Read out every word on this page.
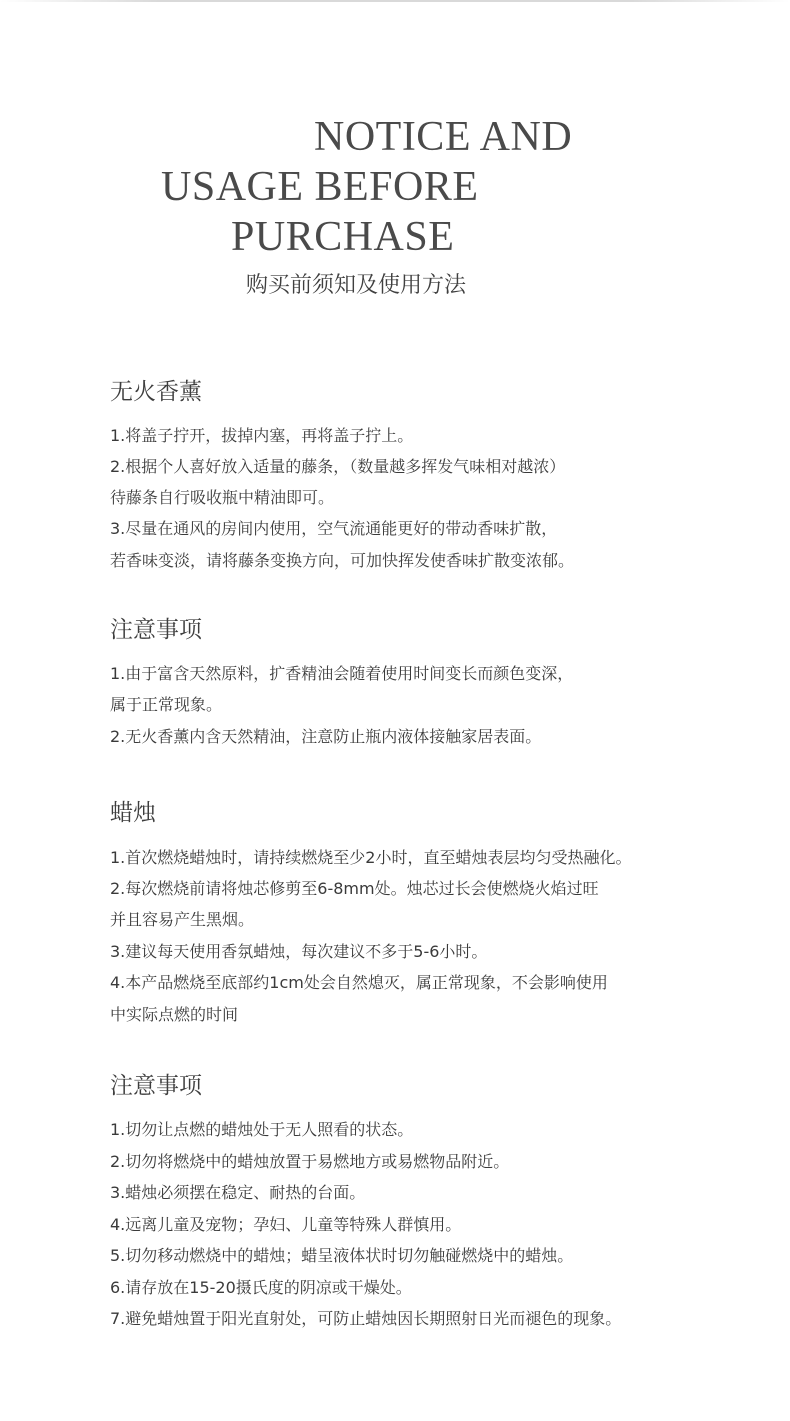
NOTICE AND
USAGE BEFORE
PURCHASE
购买前须知及使用方法
无火香薰
1.将盖子拧开，拔掉内塞，再将盖子拧上。
2.根据个人喜好放入适量的藤条，（数量越多挥发气味相对越浓）
待藤条自行吸收瓶中精油即可。
3.尽量在通风的房间内使用，空气流通能更好的带动香味扩散，
若香味变淡，请将藤条变换方向，可加快挥发使香味扩散变浓郁。
注意事项
1.由于富含天然原料，扩香精油会随着使用时间变长而颜色变深，
属于正常现象。
2.无火香薰内含天然精油，注意防止瓶内液体接触家居表面。
蜡烛
1.首次燃烧蜡烛时，请持续燃烧至少2小时，直至蜡烛表层均匀受热融化。
2.每次燃烧前请将烛芯修剪至6-8mm处。烛芯过长会使燃烧火焰过旺
并且容易产生黑烟。
3.建议每天使用香氛蜡烛，每次建议不多于5-6小时。
4.本产品燃烧至底部约1cm处会自然熄灭，属正常现象，不会影响使用
中实际点燃的时间
注意事项
1.切勿让点燃的蜡烛处于无人照看的状态。
2.切勿将燃烧中的蜡烛放置于易燃地方或易燃物品附近。
3.蜡烛必须摆在稳定、耐热的台面。
4.远离儿童及宠物；孕妇、儿童等特殊人群慎用。
5.切勿移动燃烧中的蜡烛；蜡呈液体状时切勿触碰燃烧中的蜡烛。
6.请存放在15-20摄氏度的阴凉或干燥处。
7.避免蜡烛置于阳光直射处，可防止蜡烛因长期照射日光而褪色的现象。
